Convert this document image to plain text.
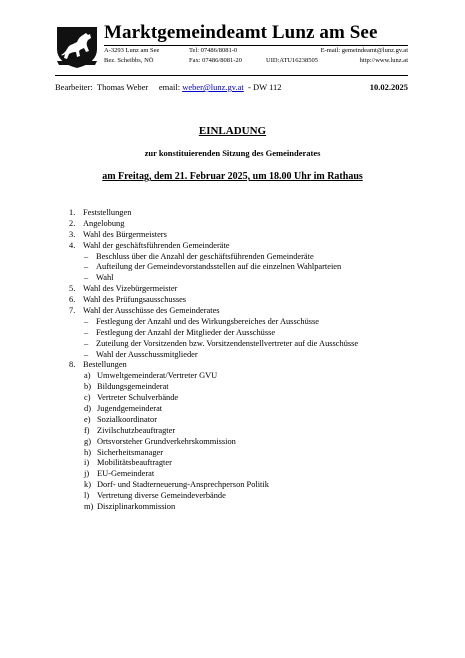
Marktgemeindeamt Lunz am See
A-3293 Lunz am See	Tel: 07486/8081-0	E-mail: gemeindeamt@lunz.gv.at
Bez. Scheibbs, NÖ	Fax: 07486/8081-20	UID:ATU16238505	http://www.lunz.at
Bearbeiter: Thomas Weber email: weber@lunz.gv.at - DW 112	10.02.2025
EINLADUNG
zur konstituierenden Sitzung des Gemeinderates
am Freitag, dem 21. Februar 2025, um 18.00 Uhr im Rathaus
1. Feststellungen
2. Angelobung
3. Wahl des Bürgermeisters
4. Wahl der geschäftsführenden Gemeinderäte
– Beschluss über die Anzahl der geschäftsführenden Gemeinderäte
– Aufteilung der Gemeindevorstandsstellen auf die einzelnen Wahlparteien
– Wahl
5. Wahl des Vizebürgermeister
6. Wahl des Prüfungsausschusses
7. Wahl der Ausschüsse des Gemeinderates
– Festlegung der Anzahl und des Wirkungsbereiches der Ausschüsse
– Festlegung der Anzahl der Mitglieder der Ausschüsse
– Zuteilung der Vorsitzenden bzw. Vorsitzendenstellvertreter auf die Ausschüsse
– Wahl der Ausschussmitglieder
8. Bestellungen
a) Umweltgemeinderat/Vertreter GVU
b) Bildungsgemeinderat
c) Vertreter Schulverbände
d) Jugendgemeinderat
e) Sozialkoordinator
f) Zivilschutzbeauftragter
g) Ortsvorsteher Grundverkehrskommission
h) Sicherheitsmanager
i) Mobilitätsbeauftragter
j) EU-Gemeinderat
k) Dorf- und Stadterneuerung-Ansprechperson Politik
l) Vertretung diverse Gemeindeverbände
m) Disziplinarkommission
